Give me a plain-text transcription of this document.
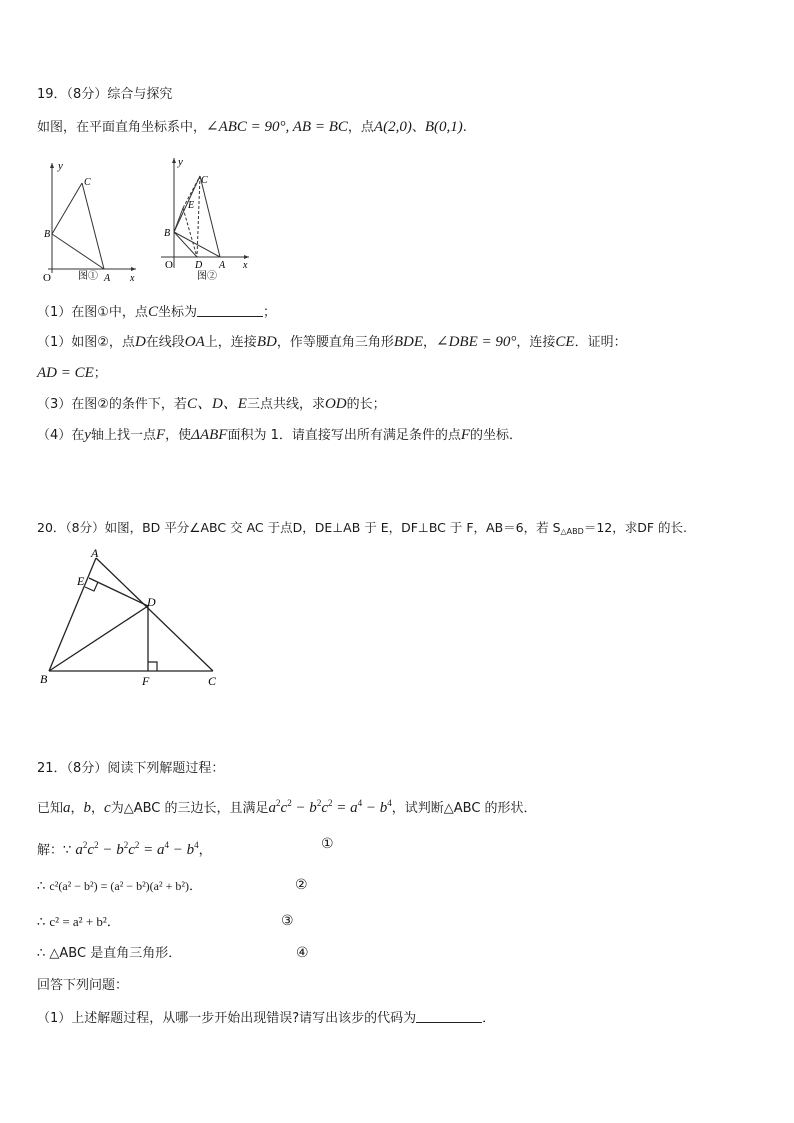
19．（8分）综合与探究
如图，在平面直角坐标系中，∠ABC = 90°, AB = BC，点A(2,0)、B(0,1).
y
x
O	A
B
C
图①
y
x
O	A
B
C
D
E
图②
（1）在图①中，点C坐标为	；
（1）如图②，点D在线段OA上，连接BD，作等腰直角三角形BDE，∠DBE = 90°，连接CE．证明：
AD = CE；
（3）在图②的条件下，若C、D、E三点共线，求OD的长；
（4）在y轴上找一点F，使ΔABF面积为 1．请直接写出所有满足条件的点F的坐标．
20．（8分）如图，BD 平分∠ABC 交 AC 于点D，DE⊥AB 于 E，DF⊥BC 于 F，AB＝6，若 $S_{\triangle ABD}=12$，求DF 的长.
A
E
D
B	F	C
21．（8分）阅读下列解题过程：
已知a，b，c为△ABC 的三边长，且满足$a^2c^2 - b^2c^2 = a^4 - b^4$，试判断△ABC 的形状．
解：∵ $a^2c^2 - b^2c^2 = a^4 - b^4$，	①
∴ c²(a² − b²) = (a² − b²)(a² + b²)．	②
∴ c² = a² + b²．	③
∴ △ABC 是直角三角形．	④
回答下列问题：
（1）上述解题过程，从哪一步开始出现错误?请写出该步的代码为	．
